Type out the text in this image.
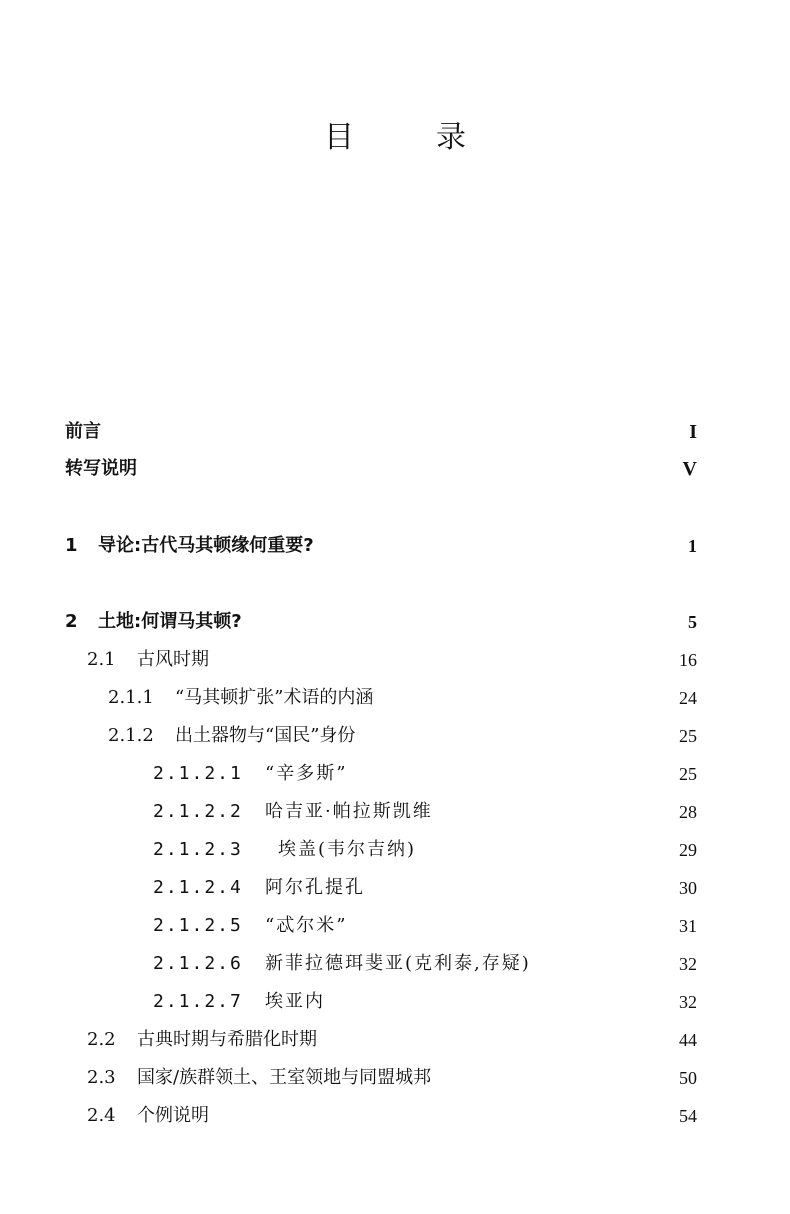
目　录
前言	I
转写说明	V
1 导论:古代马其顿缘何重要?	1
2 土地:何谓马其顿?	5
2.1 古风时期	16
2.1.1 “马其顿扩张”术语的内涵	24
2.1.2 出土器物与“国民”身份	25
2.1.2.1 “辛多斯”	25
2.1.2.2 哈吉亚·帕拉斯凯维	28
2.1.2.3 埃盖(韦尔吉纳)	29
2.1.2.4 阿尔孔提孔	30
2.1.2.5 “忒尔米”	31
2.1.2.6 新菲拉德珥斐亚(克利泰,存疑)	32
2.1.2.7 埃亚内	32
2.2 古典时期与希腊化时期	44
2.3 国家/族群领土、王室领地与同盟城邦	50
2.4 个例说明	54
